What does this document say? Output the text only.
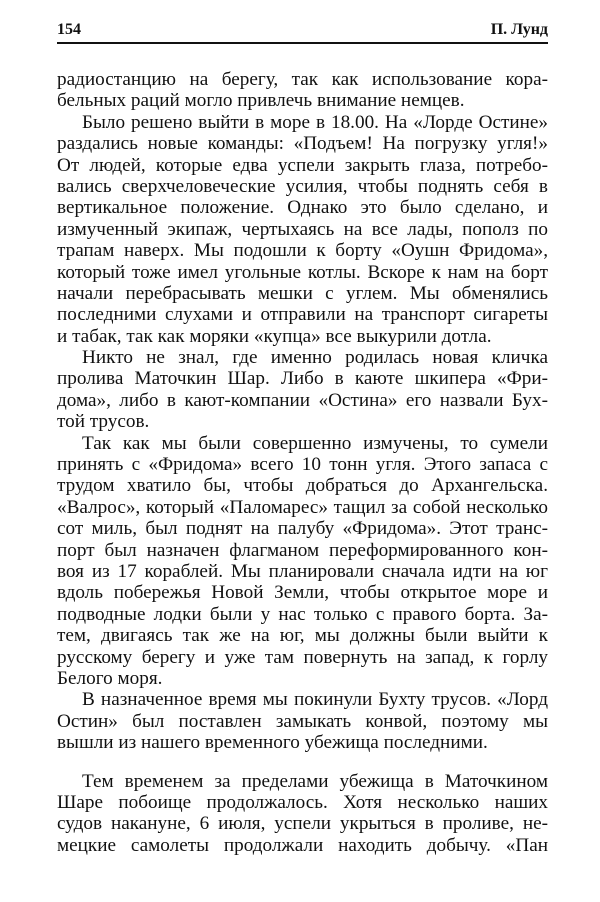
154	П. Лунд
радиостанцию на берегу, так как использование кора-
бельных раций могло привлечь внимание немцев.
Было решено выйти в море в 18.00. На «Лорде Остине»
раздались новые команды: «Подъем! На погрузку угля!»
От людей, которые едва успели закрыть глаза, потребо-
вались сверхчеловеческие усилия, чтобы поднять себя в
вертикальное положение. Однако это было сделано, и
измученный экипаж, чертыхаясь на все лады, пополз по
трапам наверх. Мы подошли к борту «Оушн Фридома»,
который тоже имел угольные котлы. Вскоре к нам на борт
начали перебрасывать мешки с углем. Мы обменялись
последними слухами и отправили на транспорт сигареты
и табак, так как моряки «купца» все выкурили дотла.
Никто не знал, где именно родилась новая кличка
пролива Маточкин Шар. Либо в каюте шкипера «Фри-
дома», либо в кают-компании «Остина» его назвали Бух-
той трусов.
Так как мы были совершенно измучены, то сумели
принять с «Фридома» всего 10 тонн угля. Этого запаса с
трудом хватило бы, чтобы добраться до Архангельска.
«Валрос», который «Паломарес» тащил за собой несколько
сот миль, был поднят на палубу «Фридома». Этот транс-
порт был назначен флагманом переформированного кон-
воя из 17 кораблей. Мы планировали сначала идти на юг
вдоль побережья Новой Земли, чтобы открытое море и
подводные лодки были у нас только с правого борта. За-
тем, двигаясь так же на юг, мы должны были выйти к
русскому берегу и уже там повернуть на запад, к горлу
Белого моря.
В назначенное время мы покинули Бухту трусов. «Лорд
Остин» был поставлен замыкать конвой, поэтому мы
вышли из нашего временного убежища последними.
Тем временем за пределами убежища в Маточкином
Шаре побоище продолжалось. Хотя несколько наших
судов накануне, 6 июля, успели укрыться в проливе, не-
мецкие самолеты продолжали находить добычу. «Пан
